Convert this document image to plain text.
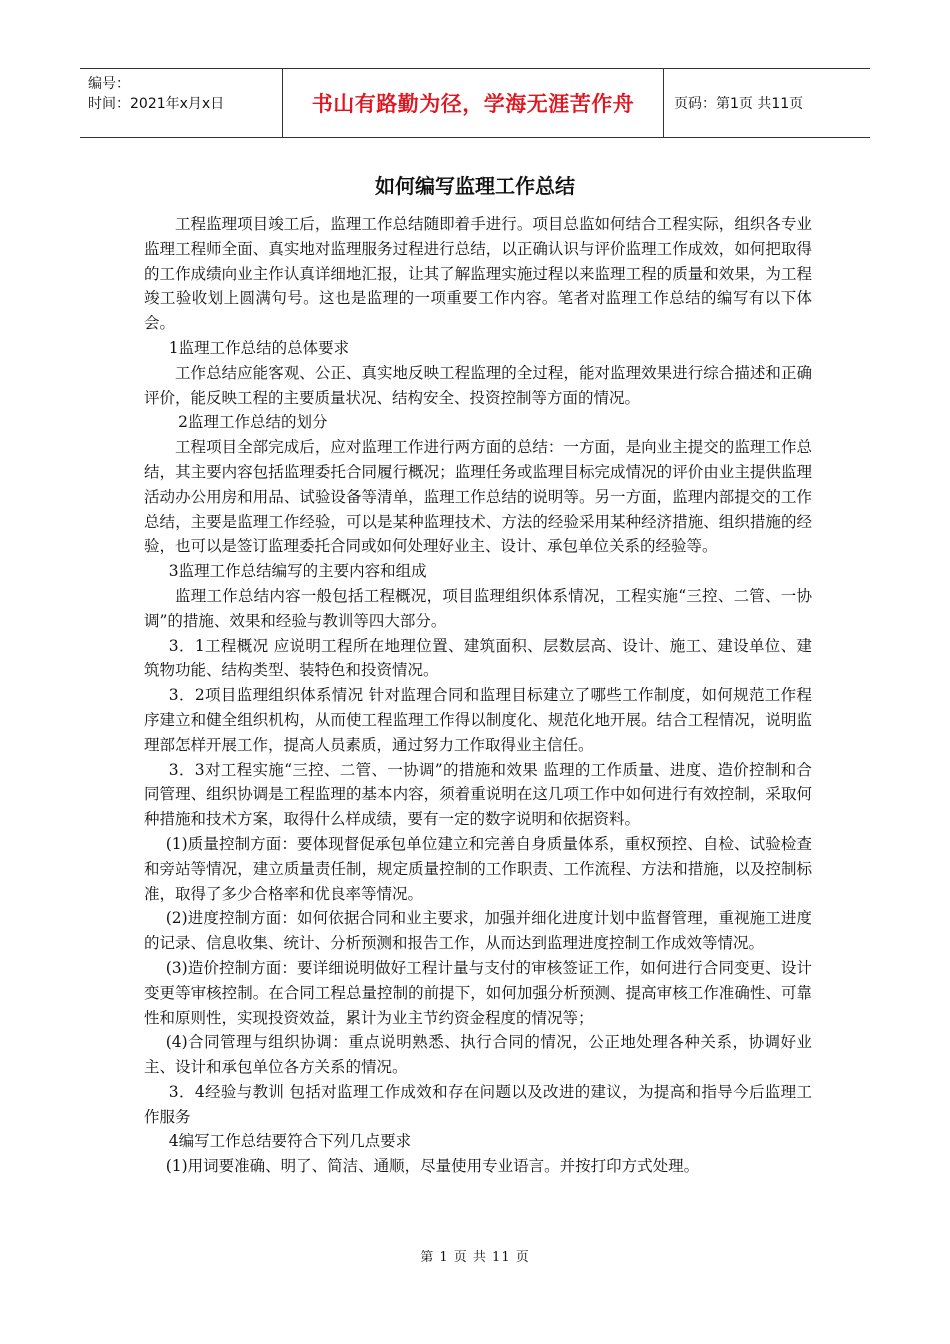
编号：
时间：2021年x月x日	书山有路勤为径，学海无涯苦作舟	页码：第1页 共11页
如何编写监理工作总结

工程监理项目竣工后，监理工作总结随即着手进行。项目总监如何结合工程实际，组织各专业监理工程师全面、真实地对监理服务过程进行总结，以正确认识与评价监理工作成效，如何把取得的工作成绩向业主作认真详细地汇报，让其了解监理实施过程以来监理工程的质量和效果，为工程竣工验收划上圆满句号。这也是监理的一项重要工作内容。笔者对监理工作总结的编写有以下体会。

1监理工作总结的总体要求

工作总结应能客观、公正、真实地反映工程监理的全过程，能对监理效果进行综合描述和正确评价，能反映工程的主要质量状况、结构安全、投资控制等方面的情况。

2监理工作总结的划分

工程项目全部完成后，应对监理工作进行两方面的总结：一方面，是向业主提交的监理工作总结，其主要内容包括监理委托合同履行概况；监理任务或监理目标完成情况的评价由业主提供监理活动办公用房和用品、试验设备等清单，监理工作总结的说明等。另一方面，监理内部提交的工作总结，主要是监理工作经验，可以是某种监理技术、方法的经验采用某种经济措施、组织措施的经验，也可以是签订监理委托合同或如何处理好业主、设计、承包单位关系的经验等。

3监理工作总结编写的主要内容和组成

监理工作总结内容一般包括工程概况，项目监理组织体系情况，工程实施“三控、二管、一协调”的措施、效果和经验与教训等四大部分。

3．1工程概况 应说明工程所在地理位置、建筑面积、层数层高、设计、施工、建设单位、建筑物功能、结构类型、装特色和投资情况。

3．2项目监理组织体系情况 针对监理合同和监理目标建立了哪些工作制度，如何规范工作程序建立和健全组织机构，从而使工程监理工作得以制度化、规范化地开展。结合工程情况，说明监理部怎样开展工作，提高人员素质，通过努力工作取得业主信任。

3．3对工程实施“三控、二管、一协调”的措施和效果 监理的工作质量、进度、造价控制和合同管理、组织协调是工程监理的基本内容，须着重说明在这几项工作中如何进行有效控制，采取何种措施和技术方案，取得什么样成绩，要有一定的数字说明和依据资料。

(1)质量控制方面：要体现督促承包单位建立和完善自身质量体系，重权预控、自检、试验检查和旁站等情况，建立质量责任制，规定质量控制的工作职责、工作流程、方法和措施，以及控制标准，取得了多少合格率和优良率等情况。

(2)进度控制方面：如何依据合同和业主要求，加强并细化进度计划中监督管理，重视施工进度的记录、信息收集、统计、分析预测和报告工作，从而达到监理进度控制工作成效等情况。

(3)造价控制方面：要详细说明做好工程计量与支付的审核签证工作，如何进行合同变更、设计变更等审核控制。在合同工程总量控制的前提下，如何加强分析预测、提高审核工作准确性、可靠性和原则性，实现投资效益，累计为业主节约资金程度的情况等；

(4)合同管理与组织协调：重点说明熟悉、执行合同的情况，公正地处理各种关系，协调好业主、设计和承包单位各方关系的情况。

3．4经验与教训 包括对监理工作成效和存在问题以及改进的建议，为提高和指导今后监理工作服务

4编写工作总结要符合下列几点要求

(1)用词要准确、明了、简洁、通顺，尽量使用专业语言。并按打印方式处理。

第 1 页 共 11 页
